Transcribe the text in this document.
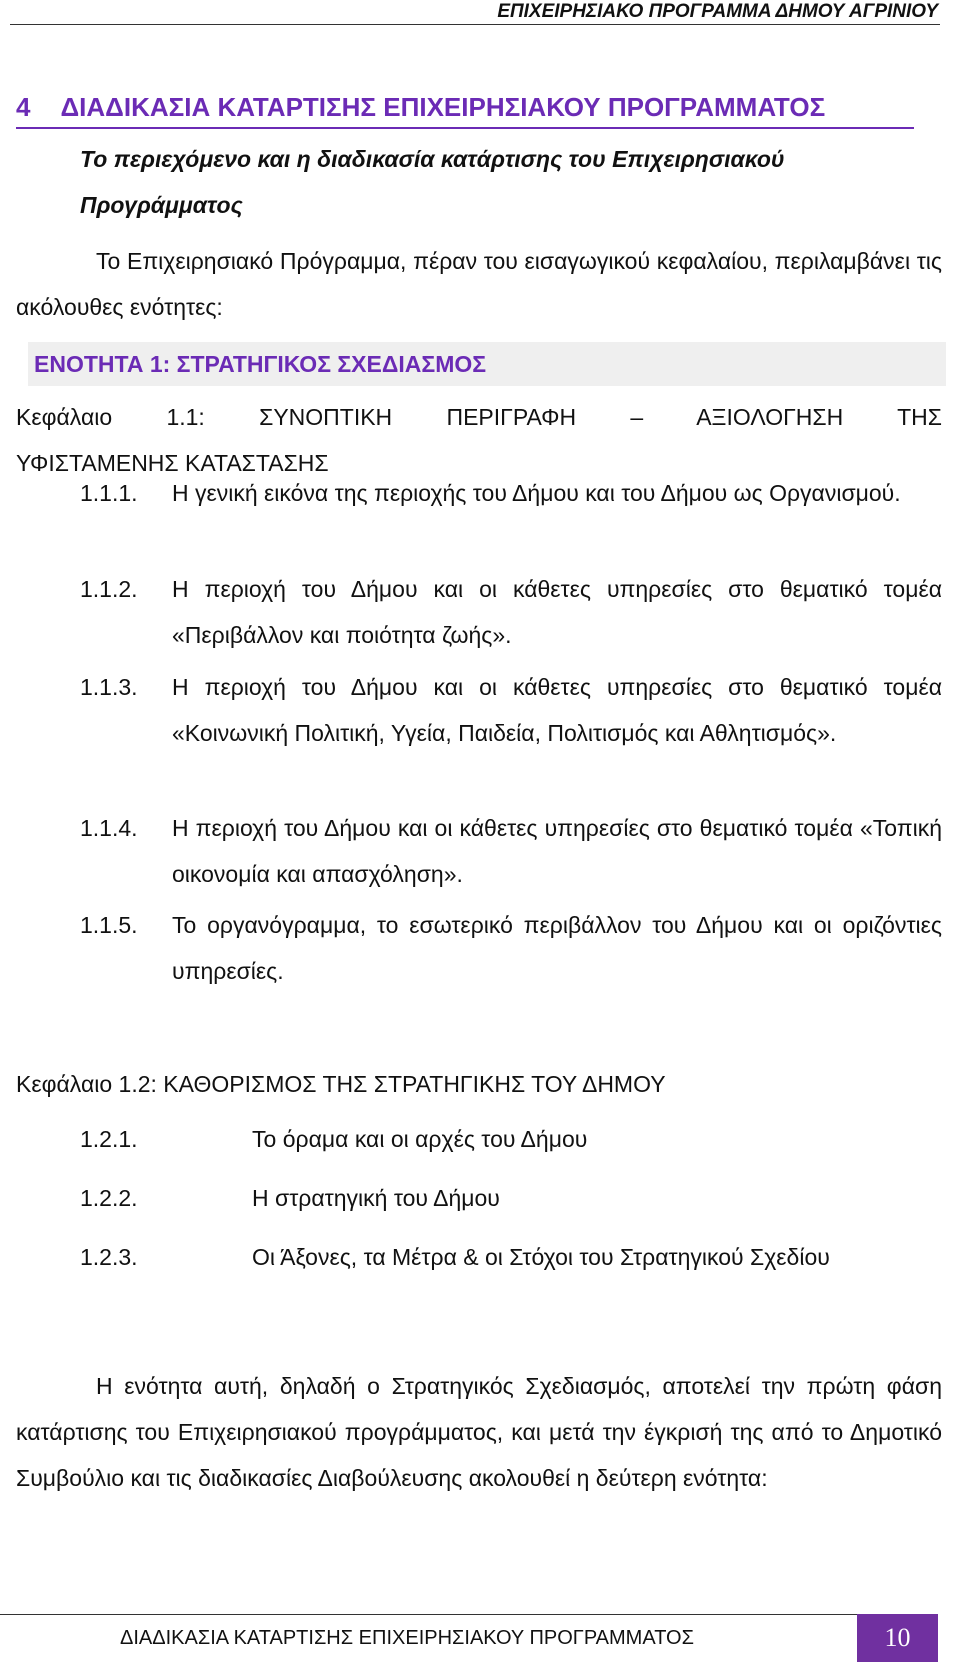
ΕΠΙΧΕΙΡΗΣΙΑΚΟ ΠΡΟΓΡΑΜΜΑ ΔΗΜΟΥ ΑΓΡΙΝΙΟΥ
4 ΔΙΑΔΙΚΑΣΙΑ ΚΑΤΑΡΤΙΣΗΣ ΕΠΙΧΕΙΡΗΣΙΑΚΟΥ ΠΡΟΓΡΑΜΜΑΤΟΣ
Το περιεχόμενο και η διαδικασία κατάρτισης του Επιχειρησιακού Προγράμματος
Το Επιχειρησιακό Πρόγραμμα, πέραν του εισαγωγικού κεφαλαίου, περιλαμβάνει τις ακόλουθες ενότητες:
ΕΝΟΤΗΤΑ 1: ΣΤΡΑΤΗΓΙΚΟΣ ΣΧΕΔΙΑΣΜΟΣ
Κεφάλαιο 1.1: ΣΥΝΟΠΤΙΚΗ ΠΕΡΙΓΡΑΦΗ – ΑΞΙΟΛΟΓΗΣΗ ΤΗΣ
ΥΦΙΣΤΑΜΕΝΗΣ ΚΑΤΑΣΤΑΣΗΣ
1.1.1. Η γενική εικόνα της περιοχής του Δήμου και του Δήμου ως Οργανισμού.
1.1.2. Η περιοχή του Δήμου και οι κάθετες υπηρεσίες στο θεματικό τομέα «Περιβάλλον και ποιότητα ζωής».
1.1.3. Η περιοχή του Δήμου και οι κάθετες υπηρεσίες στο θεματικό τομέα «Κοινωνική Πολιτική, Υγεία, Παιδεία, Πολιτισμός και Αθλητισμός».
1.1.4. Η περιοχή του Δήμου και οι κάθετες υπηρεσίες στο θεματικό τομέα «Τοπική οικονομία και απασχόληση».
1.1.5. Το οργανόγραμμα, το εσωτερικό περιβάλλον του Δήμου και οι οριζόντιες υπηρεσίες.
Κεφάλαιο 1.2: ΚΑΘΟΡΙΣΜΟΣ ΤΗΣ ΣΤΡΑΤΗΓΙΚΗΣ ΤΟΥ ΔΗΜΟΥ
1.2.1.	Το όραμα και οι αρχές του Δήμου
1.2.2.	Η στρατηγική του Δήμου
1.2.3.	Οι Άξονες, τα Μέτρα & οι Στόχοι του Στρατηγικού Σχεδίου
Η ενότητα αυτή, δηλαδή ο Στρατηγικός Σχεδιασμός, αποτελεί την πρώτη φάση κατάρτισης του Επιχειρησιακού προγράμματος, και μετά την έγκρισή της από το Δημοτικό Συμβούλιο και τις διαδικασίες Διαβούλευσης ακολουθεί η δεύτερη ενότητα:
ΔΙΑΔΙΚΑΣΙΑ ΚΑΤΑΡΤΙΣΗΣ ΕΠΙΧΕΙΡΗΣΙΑΚΟΥ ΠΡΟΓΡΑΜΜΑΤΟΣ	10
